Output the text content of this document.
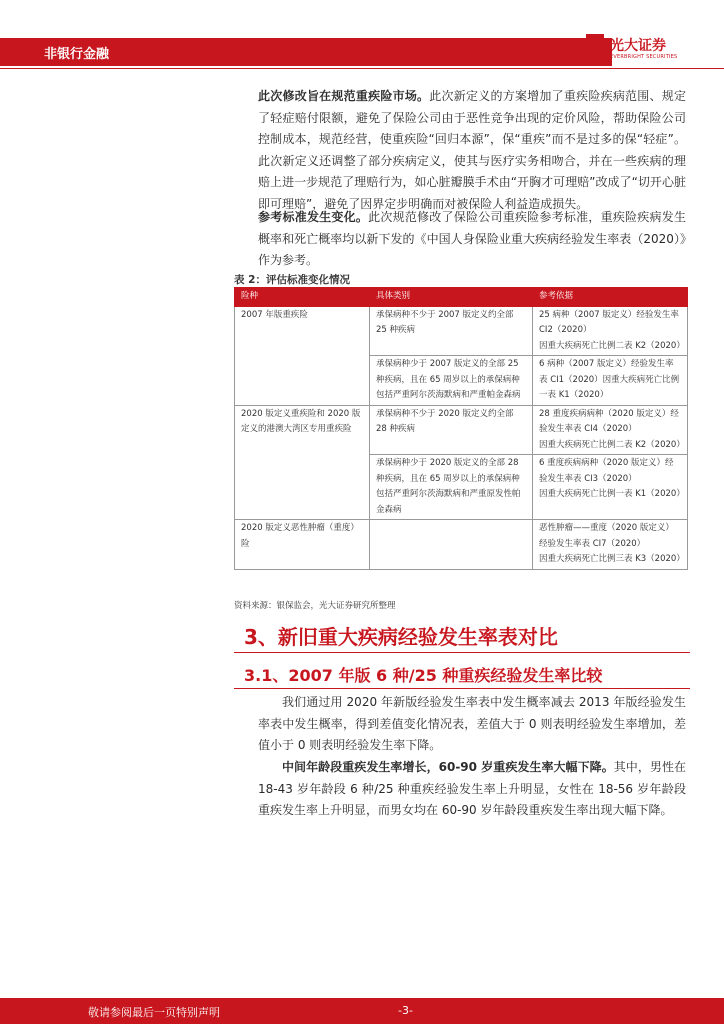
非银行金融
光大证券
EVERBRIGHT SECURITIES

此次修改旨在规范重疾险市场。此次新定义的方案增加了重疾险疾病范围、规定了轻症赔付限额，避免了保险公司由于恶性竞争出现的定价风险，帮助保险公司控制成本，规范经营，使重疾险“回归本源”，保“重疾”而不是过多的保“轻症”。此次新定义还调整了部分疾病定义，使其与医疗实务相吻合，并在一些疾病的理赔上进一步规范了理赔行为，如心脏瓣膜手术由“开胸才可理赔”改成了“切开心脏即可理赔”，避免了因界定步明确而对被保险人利益造成损失。

参考标准发生变化。此次规范修改了保险公司重疾险参考标准，重疾险疾病发生概率和死亡概率均以新下发的《中国人身保险业重大疾病经验发生率表（2020）》作为参考。

表 2：评估标准变化情况
险种	具体类别	参考依据
2007 年版重疾险	承保病种不少于 2007 版定义约全部 25 种疾病	25 病种（2007 版定义）经验发生率 CI2（2020）
因重大疾病死亡比例二表 K2（2020）
	承保病种少于 2007 版定义的全部 25 种疾病，且在 65 周岁以上的承保病种包括严重阿尔茨海默病和严重帕金森病	6 病种（2007 版定义）经验发生率表 CI1（2020）因重大疾病死亡比例一表 K1（2020）
2020 版定义重疾险和 2020 版定义的港澳大湾区专用重疾险	承保病种不少于 2020 版定义约全部 28 种疾病	28 重度疾病病种（2020 版定义）经验发生率表 CI4（2020）
因重大疾病死亡比例二表 K2（2020）
	承保病种少于 2020 版定义的全部 28 种疾病，且在 65 周岁以上的承保病种包括严重阿尔茨海默病和严重原发性帕金森病	6 重度疾病病种（2020 版定义）经验发生率表 CI3（2020）
因重大疾病死亡比例一表 K1（2020）
2020 版定义恶性肿瘤（重度）险		恶性肿瘤——重度（2020 版定义）经验发生率表 CI7（2020）
因重大疾病死亡比例三表 K3（2020）
资料来源：银保监会，光大证券研究所整理
3、新旧重大疾病经验发生率表对比
3.1、2007 年版 6 种/25 种重疾经验发生率比较

我们通过用 2020 年新版经验发生率表中发生概率减去 2013 年版经验发生率表中发生概率，得到差值变化情况表，差值大于 0 则表明经验发生率增加，差值小于 0 则表明经验发生率下降。

中间年龄段重疾发生率增长，60-90 岁重疾发生率大幅下降。其中，男性在 18-43 岁年龄段 6 种/25 种重疾经验发生率上升明显，女性在 18-56 岁年龄段重疾发生率上升明显，而男女均在 60-90 岁年龄段重疾发生率出现大幅下降。

敬请参阅最后一页特别声明	-3-
